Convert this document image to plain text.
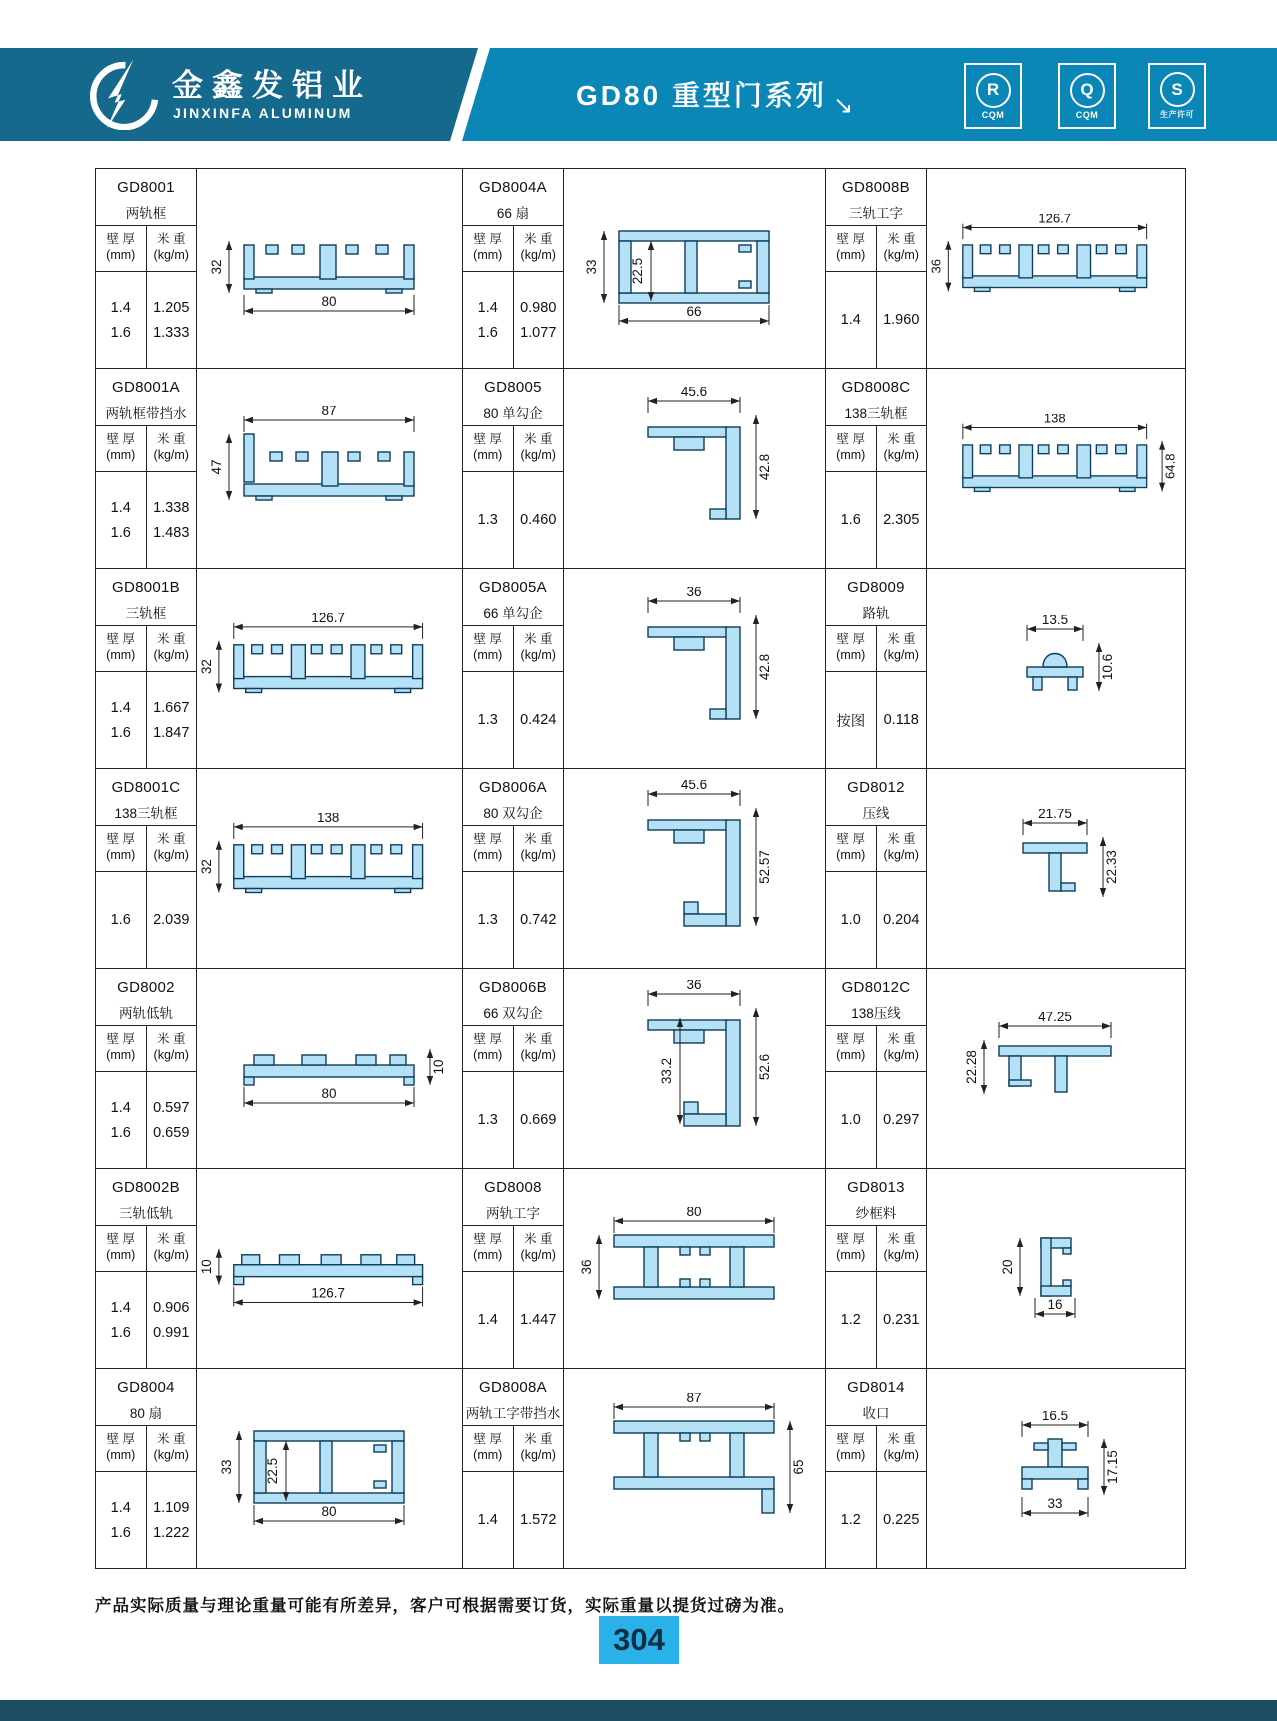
金鑫发铝业
JINXINFA ALUMINUM
GD80 重型门系列 ↘
R
CQM
Q
CQM
S
生产许可
GD8001
两轨框
壁 厚
(mm)
米 重
(kg/m)
1.4
1.6
1.205
1.333
32
80
GD8004A
66 扇
壁 厚
(mm)
米 重
(kg/m)
1.4
1.6
0.980
1.077
33 22.5
66
GD8008B
三轨工字
壁 厚
(mm)
米 重
(kg/m)
1.4 1.960
126.7
36
GD8001A
两轨框带挡水
壁 厚
(mm)
米 重
(kg/m)
1.4
1.6
1.338
1.483
87
47
GD8005
80 单勾企
壁 厚
(mm)
米 重
(kg/m)
1.3 0.460
45.6
42.8
GD8008C
138三轨框
壁 厚
(mm)
米 重
(kg/m)
1.6 2.305
138
64.8
GD8001B
三轨框
壁 厚
(mm)
米 重
(kg/m)
1.4
1.6
1.667
1.847
126.7
32
GD8005A
66 单勾企
壁 厚
(mm)
米 重
(kg/m)
1.3 0.424
36
42.8
GD8009
路轨
壁 厚
(mm)
米 重
(kg/m)
按图 0.118
13.5
10.6
GD8001C
138三轨框
壁 厚
(mm)
米 重
(kg/m)
1.6 2.039
138
32
GD8006A
80 双勾企
壁 厚
(mm)
米 重
(kg/m)
1.3 0.742
45.6
52.57
GD8012
压线
壁 厚
(mm)
米 重
(kg/m)
1.0 0.204
21.75
22.33
GD8002
两轨低轨
壁 厚
(mm)
米 重
(kg/m)
1.4
1.6
0.597
0.659
80
10
GD8006B
66 双勾企
壁 厚
(mm)
米 重
(kg/m)
1.3 0.669
36
33.2	52.6
GD8012C
138压线
壁 厚
(mm)
米 重
(kg/m)
1.0 0.297
47.25
22.28
GD8002B
三轨低轨
壁 厚
(mm)
米 重
(kg/m)
1.4
1.6
0.906
0.991
10
126.7
GD8008
两轨工字
壁 厚
(mm)
米 重
(kg/m)
1.4 1.447
80
36
GD8013
纱框料
壁 厚
(mm)
米 重
(kg/m)
1.2 0.231
20
16
GD8004
80 扇
壁 厚
(mm)
米 重
(kg/m)
1.4
1.6
1.109
1.222
33 22.5
80
GD8008A
两轨工字带挡水
壁 厚
(mm)
米 重
(kg/m)
1.4 1.572
87
65
GD8014
收口
壁 厚
(mm)
米 重
(kg/m)
1.2 0.225
16.5
17.15
33
产品实际质量与理论重量可能有所差异，客户可根据需要订货，实际重量以提货过磅为准。
304
